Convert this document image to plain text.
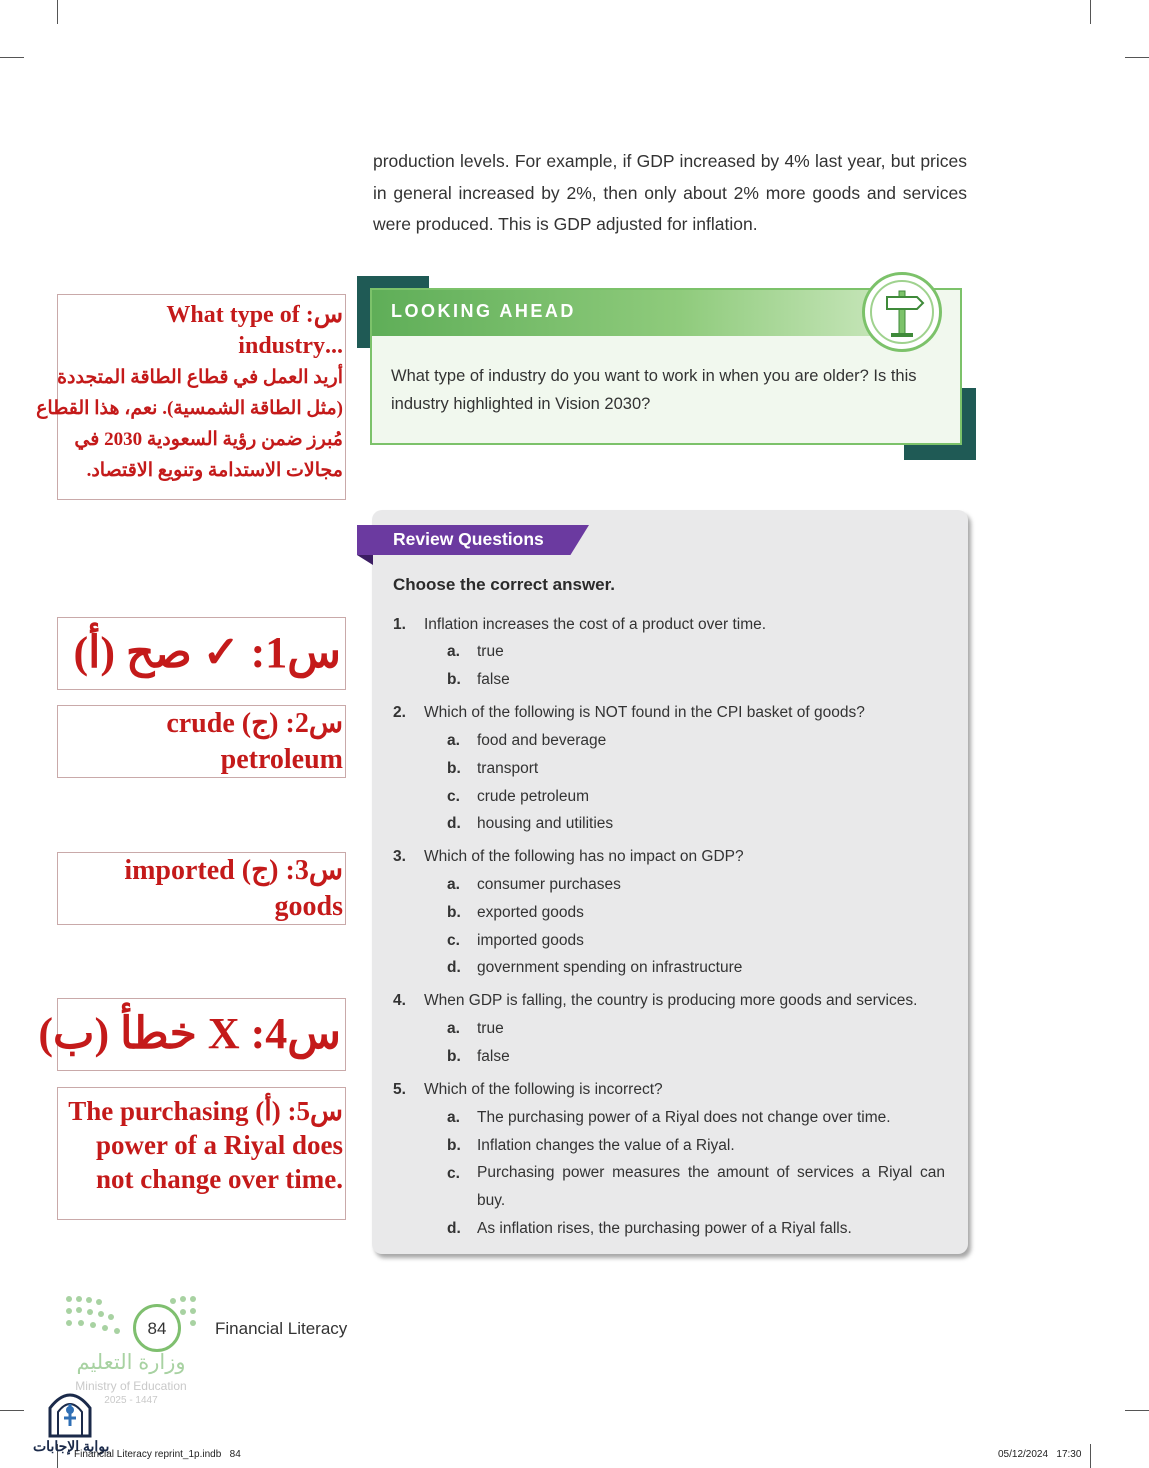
production levels. For example, if GDP increased by 4% last year, but prices in general increased by 2%, then only about 2% more goods and services were produced. This is GDP adjusted for inflation.
LOOKING AHEAD
What type of industry do you want to work in when you are older? Is this industry highlighted in Vision 2030?
Review Questions
Choose the correct answer.
1. Inflation increases the cost of a product over time.
a. true
b. false
2. Which of the following is NOT found in the CPI basket of goods?
a. food and beverage
b. transport
c. crude petroleum
d. housing and utilities
3. Which of the following has no impact on GDP?
a. consumer purchases
b. exported goods
c. imported goods
d. government spending on infrastructure
4. When GDP is falling, the country is producing more goods and services.
a. true
b. false
5. Which of the following is incorrect?
a. The purchasing power of a Riyal does not change over time.
b. Inflation changes the value of a Riyal.
c. Purchasing power measures the amount of services a Riyal can buy.
d. As inflation rises, the purchasing power of a Riyal falls.
س: What type of
...industry
أريد العمل في قطاع الطاقة المتجددة
(مثل الطاقة الشمسية). نعم، هذا القطاع
مُبرز ضمن رؤية السعودية 2030 في
مجالات الاستدامة وتنويع الاقتصاد.
س1: ✓ صح (أ)
س2: (ج) crude
petroleum
س3: (ج) imported
goods
س4: X خطأ (ب)
س5: (أ) The purchasing
power of a Riyal does
.not change over time
84	Financial Literacy
وزارة التعليم
Ministry of Education
2025 - 1447
بوابة الإجابات
Financial Literacy reprint_1p.indb   84	05/12/2024   17:30
